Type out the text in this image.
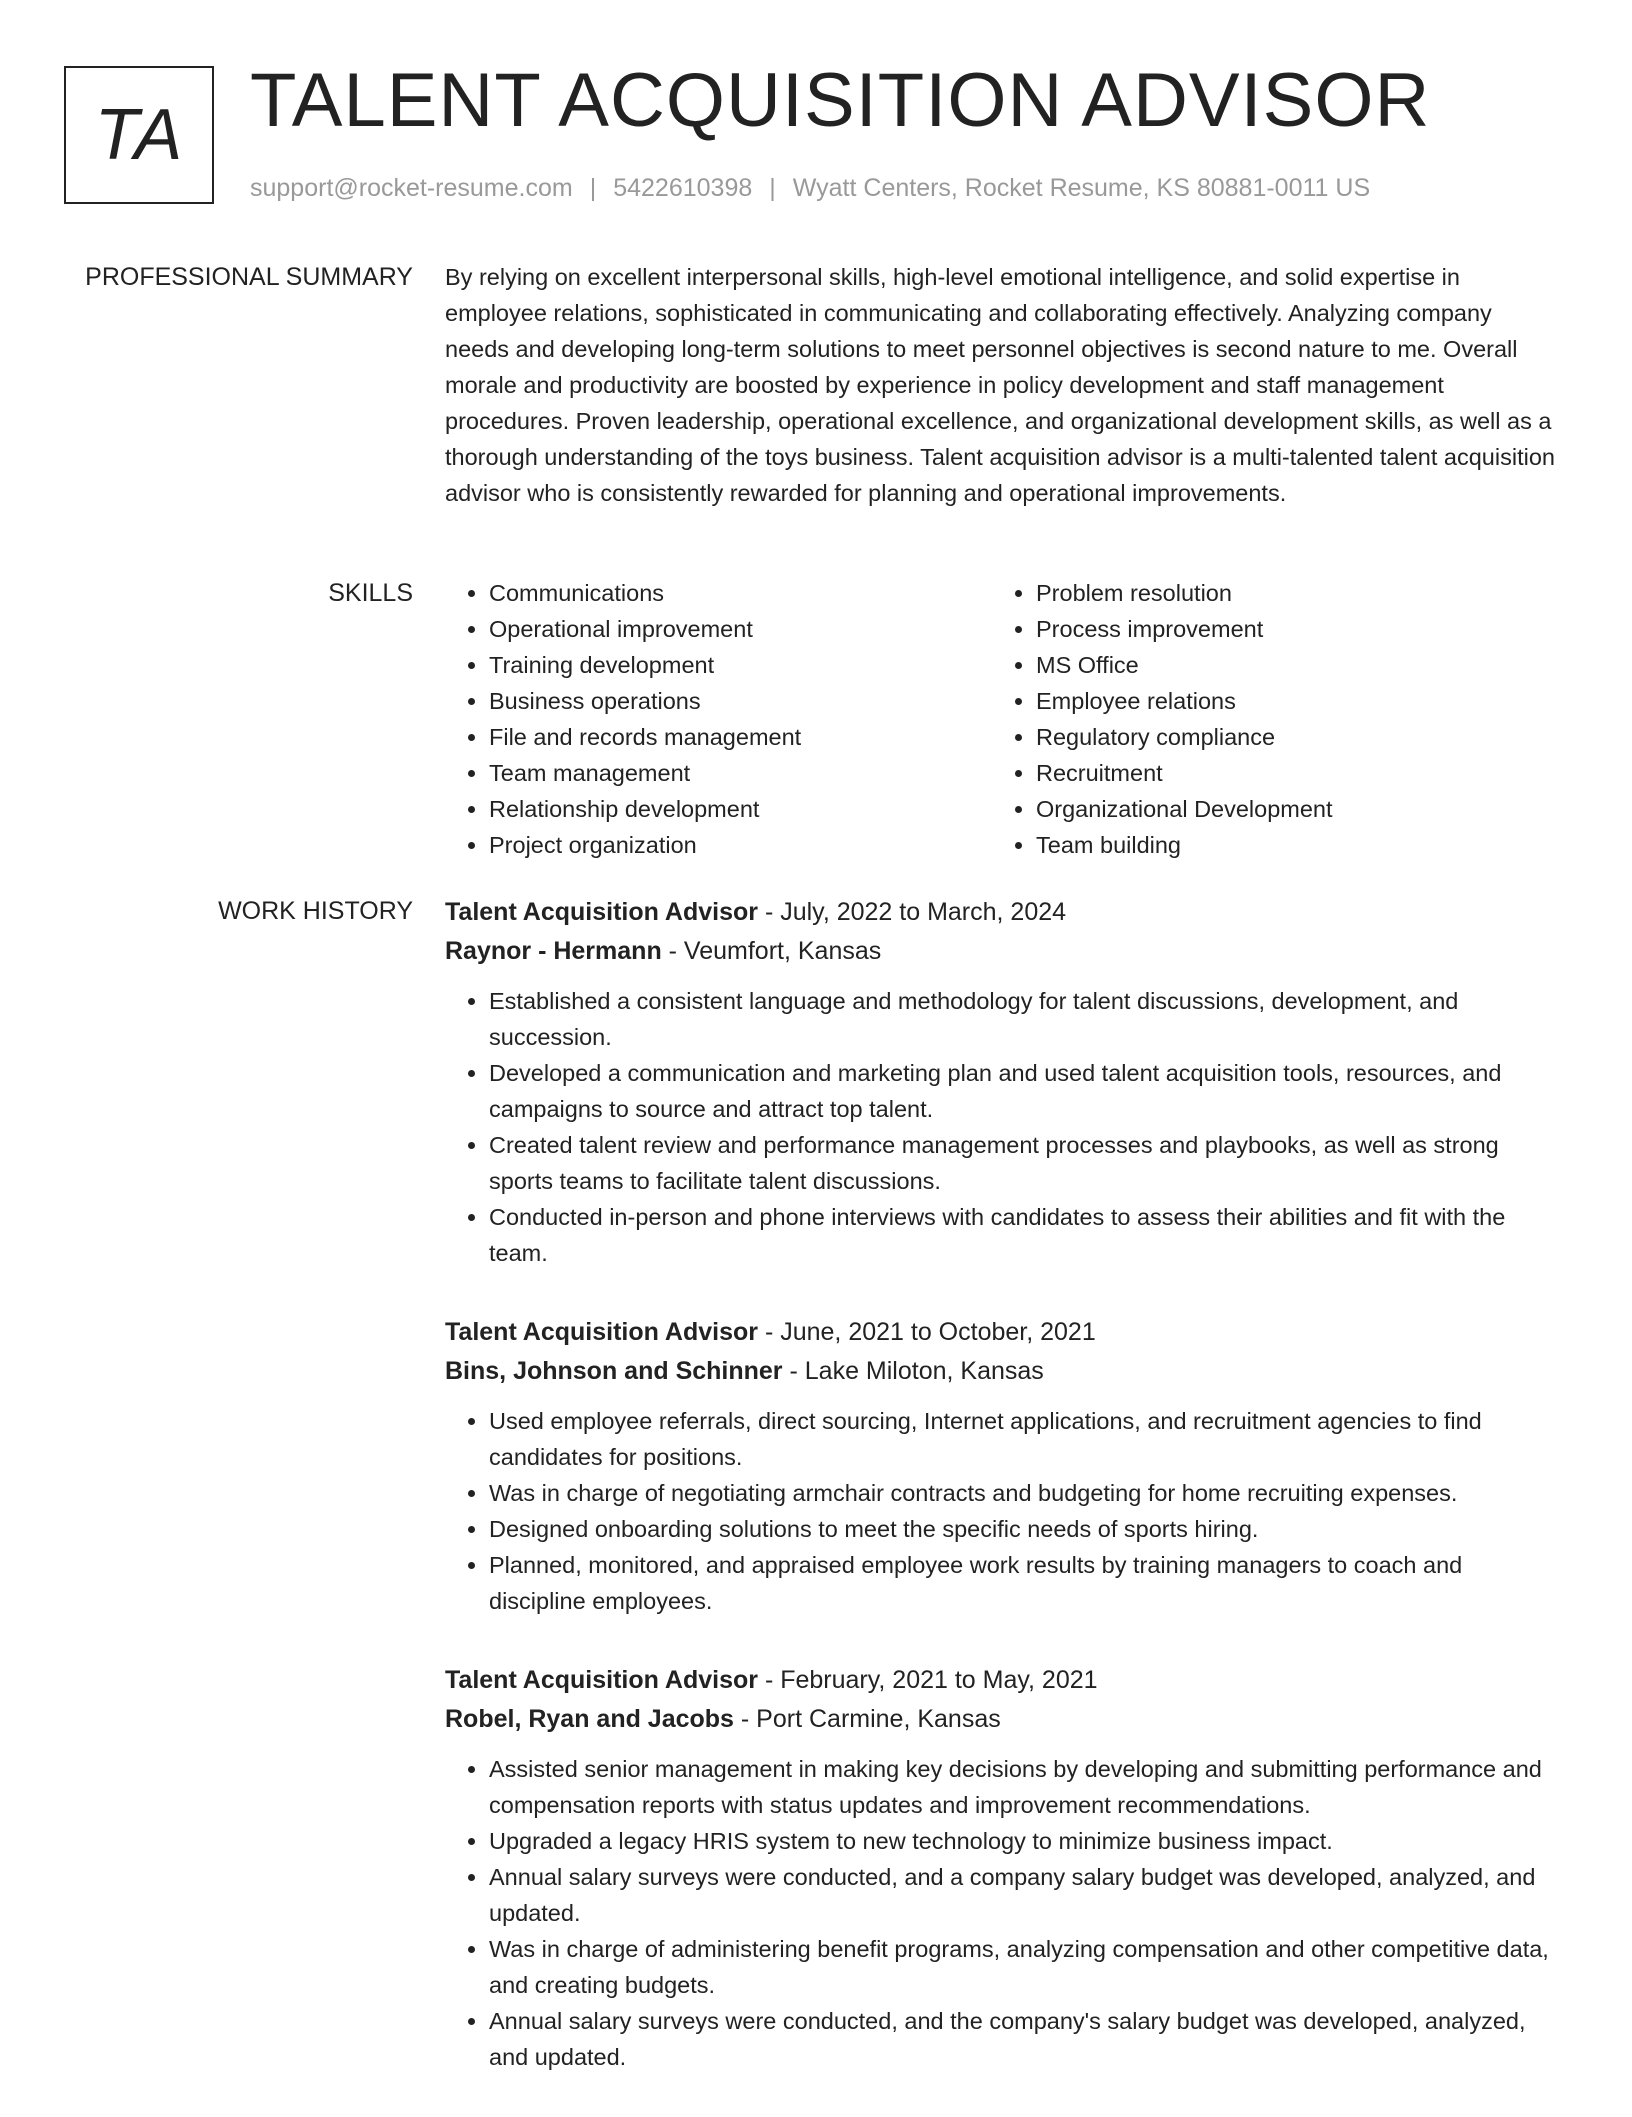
TA TALENT ACQUISITION ADVISOR
support@rocket-resume.com | 5422610398 | Wyatt Centers, Rocket Resume, KS 80881-0011 US
PROFESSIONAL SUMMARY By relying on excellent interpersonal skills, high-level emotional intelligence, and solid expertise in employee relations, sophisticated in communicating and collaborating effectively. Analyzing company needs and developing long-term solutions to meet personnel objectives is second nature to me. Overall morale and productivity are boosted by experience in policy development and staff management procedures. Proven leadership, operational excellence, and organizational development skills, as well as a thorough understanding of the toys business. Talent acquisition advisor is a multi-talented talent acquisition advisor who is consistently rewarded for planning and operational improvements.

SKILLS
•	Communications
• Operational improvement
• Training development
• Business operations
• File and records management
• Team management
• Relationship development
• Project organization
• Problem resolution
• Process improvement
• MS Office
• Employee relations
• Regulatory compliance
• Recruitment
• Organizational Development
• Team building
WORK HISTORY Talent Acquisition Advisor - July, 2022 to March, 2024
Raynor - Hermann - Veumfort, Kansas
• Established a consistent language and methodology for talent discussions, development, and succession.
• Developed a communication and marketing plan and used talent acquisition tools, resources, and campaigns to source and attract top talent.
• Created talent review and performance management processes and playbooks, as well as strong sports teams to facilitate talent discussions.
• Conducted in-person and phone interviews with candidates to assess their abilities and fit with the team.
Talent Acquisition Advisor - June, 2021 to October, 2021
Bins, Johnson and Schinner - Lake Miloton, Kansas
• Used employee referrals, direct sourcing, Internet applications, and recruitment agencies to find candidates for positions.
• Was in charge of negotiating armchair contracts and budgeting for home recruiting expenses.
• Designed onboarding solutions to meet the specific needs of sports hiring.
• Planned, monitored, and appraised employee work results by training managers to coach and discipline employees.
Talent Acquisition Advisor - February, 2021 to May, 2021
Robel, Ryan and Jacobs - Port Carmine, Kansas
• Assisted senior management in making key decisions by developing and submitting performance and compensation reports with status updates and improvement recommendations.
• Upgraded a legacy HRIS system to new technology to minimize business impact.
• Annual salary surveys were conducted, and a company salary budget was developed, analyzed, and updated.
• Was in charge of administering benefit programs, analyzing compensation and other competitive data, and creating budgets.
• Annual salary surveys were conducted, and the company's salary budget was developed, analyzed, and updated.
